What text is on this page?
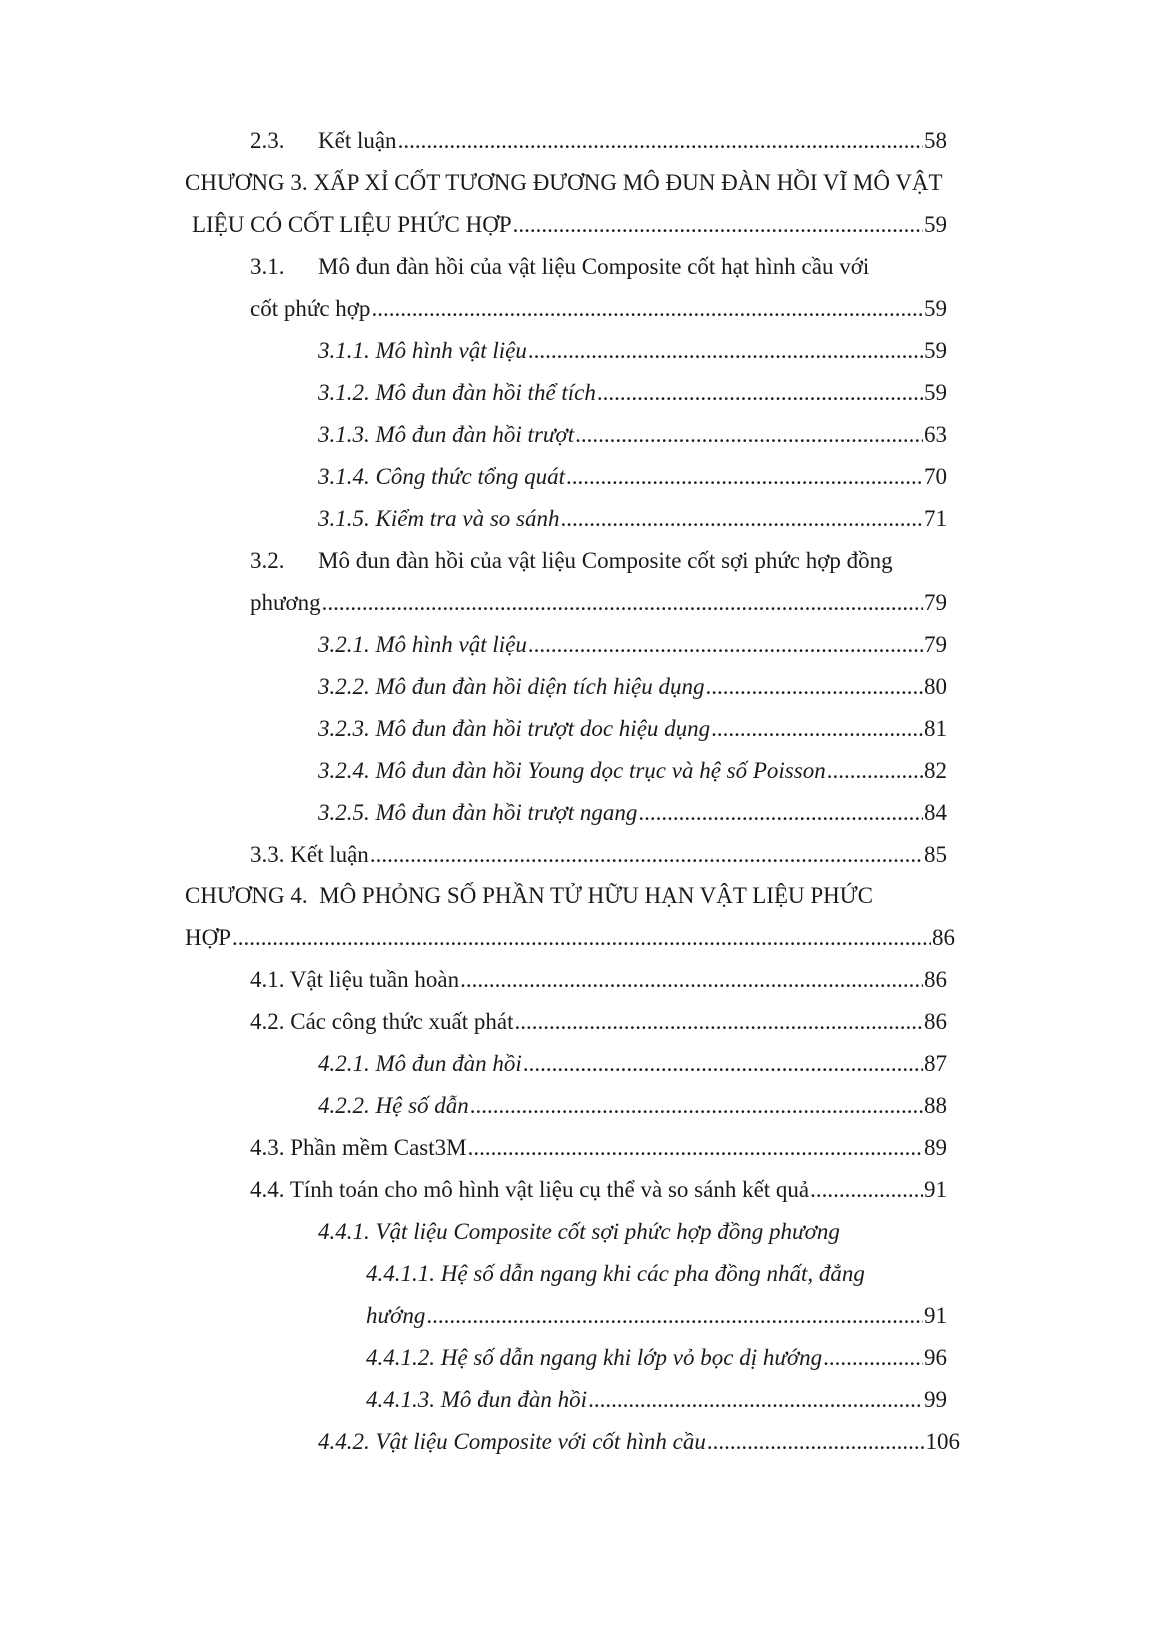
2.3. Kết luận .....	58
CHƯƠNG 3. XẤP XỈ CỐT TƯƠNG ĐƯƠNG MÔ ĐUN ĐÀN HỒI VĨ MÔ VẬT
LIỆU CÓ CỐT LIỆU PHỨC HỢP .....	59
3.1. Mô đun đàn hồi của vật liệu Composite cốt hạt hình cầu với
cốt phức hợp .....	59
3.1.1. Mô hình vật liệu .....	59
3.1.2. Mô đun đàn hồi thể tích .....	59
3.1.3. Mô đun đàn hồi trượt .....	63
3.1.4. Công thức tổng quát .....	70
3.1.5. Kiểm tra và so sánh .....	71
3.2. Mô đun đàn hồi của vật liệu Composite cốt sợi phức hợp đồng
phương .....	79
3.2.1. Mô hình vật liệu .....	79
3.2.2. Mô đun đàn hồi diện tích hiệu dụng .....	80
3.2.3. Mô đun đàn hồi trượt doc hiệu dụng .....	81
3.2.4. Mô đun đàn hồi Young dọc trục và hệ số Poisson .....	82
3.2.5. Mô đun đàn hồi trượt ngang .....	84
3.3. Kết luận .....	85
CHƯƠNG 4.  MÔ PHỎNG SỐ PHẦN TỬ HỮU HẠN VẬT LIỆU PHỨC
HỢP .....	86
4.1. Vật liệu tuần hoàn .....	86
4.2. Các công thức xuất phát .....	86
4.2.1. Mô đun đàn hồi .....	87
4.2.2. Hệ số dẫn .....	88
4.3. Phần mềm Cast3M .....	89
4.4. Tính toán cho mô hình vật liệu cụ thể và so sánh kết quả .....	91
4.4.1. Vật liệu Composite cốt sợi phức hợp đồng phương
4.4.1.1. Hệ số dẫn ngang khi các pha đồng nhất, đẳng
hướng .....	91
4.4.1.2. Hệ số dẫn ngang khi lớp vỏ bọc dị hướng .....	96
4.4.1.3. Mô đun đàn hồi .....	99
4.4.2. Vật liệu Composite với cốt hình cầu .....	106
